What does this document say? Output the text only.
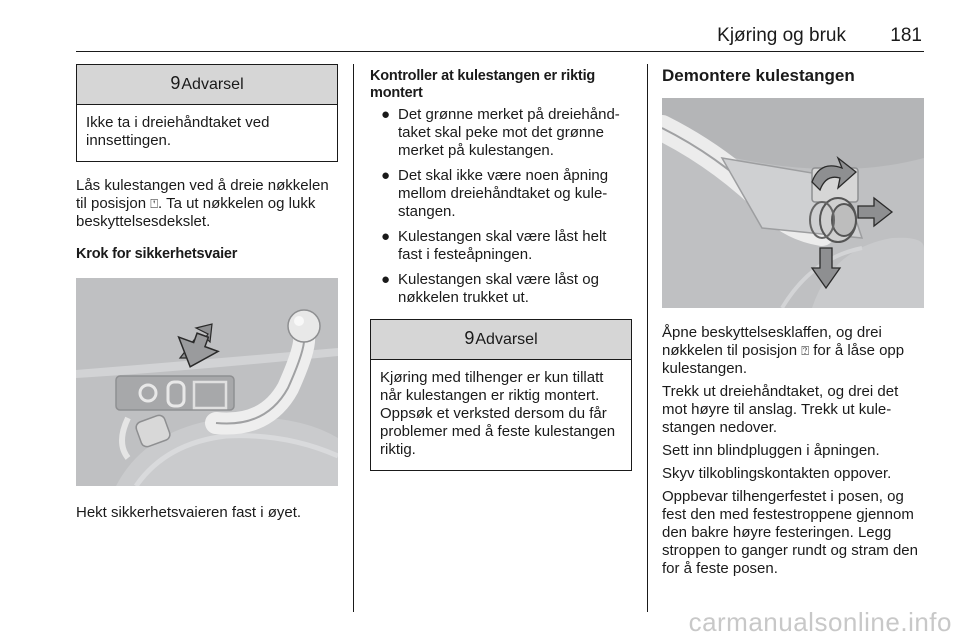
Kjøring og bruk 181
9 Advarsel
Ikke ta i dreiehåndtaket ved innsettingen.

Lås kulestangen ved å dreie nøkkelen til posisjon ⍞. Ta ut nøkkelen og lukk beskyttelsesdekslet.

Krok for sikkerhetsvaier

Hekt sikkerhetsvaieren fast i øyet.

Kontroller at kulestangen er riktig montert
● Det grønne merket på dreiehåndtaket skal peke mot det grønne merket på kulestangen.
● Det skal ikke være noen åpning mellom dreiehåndtaket og kulestangen.
● Kulestangen skal være låst helt fast i festeåpningen.
● Kulestangen skal være låst og nøkkelen trukket ut.
9 Advarsel
Kjøring med tilhenger er kun tillatt når kulestangen er riktig montert. Oppsøk et verksted dersom du får problemer med å feste kulestangen riktig.
Demontere kulestangen

Åpne beskyttelsesklaffen, og drei nøkkelen til posisjon ⍰ for å låse opp kulestangen.

Trekk ut dreiehåndtaket, og drei det mot høyre til anslag. Trekk ut kulestangen nedover.

Sett inn blindpluggen i åpningen.

Skyv tilkoblingskontakten oppover.

Oppbevar tilhengerfestet i posen, og fest den med festestroppene gjennom den bakre høyre festeringen. Legg stroppen to ganger rundt og stram den for å feste posen.

carmanualsonline.info
